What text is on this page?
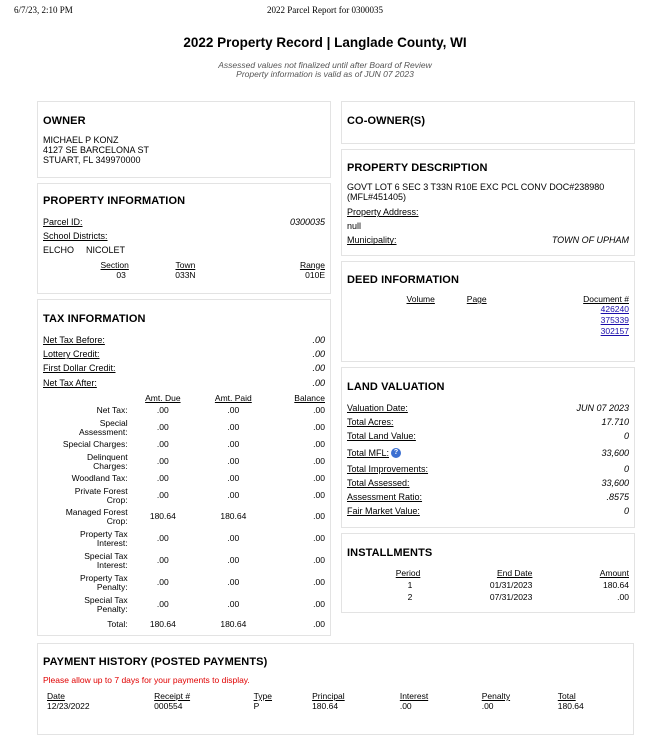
6/7/23, 2:10 PM	2022 Parcel Report for 0300035
2022 Property Record | Langlade County, WI
Assessed values not finalized until after Board of Review
Property information is valid as of JUN 07 2023
OWNER
MICHAEL P KONZ
4127 SE BARCELONA ST
STUART, FL 349970000
CO-OWNER(S)
PROPERTY INFORMATION
Parcel ID:	0300035
School Districts:
ELCHO NICOLET
Section	Town	Range
03	033N	010E
PROPERTY DESCRIPTION
GOVT LOT 6 SEC 3 T33N R10E EXC PCL CONV DOC#238980
(MFL#451405)
Property Address:
null
Municipality:	TOWN OF UPHAM
DEED INFORMATION
Volume	Page	Document #
		426240
		375339
		302157
TAX INFORMATION
Net Tax Before:	.00
Lottery Credit:	.00
First Dollar Credit:	.00
Net Tax After:	.00
	Amt. Due	Amt. Paid	Balance
Net Tax:	.00	.00	.00

Special
Assessment:	.00	.00	.00
Special Charges:	.00	.00	.00

Delinquent
Charges:	.00	.00	.00
Woodland Tax:	.00	.00	.00

Private Forest
Crop:	.00	.00	.00

Managed Forest
Crop:	180.64	180.64	.00

Property Tax
Interest:	.00	.00	.00

Special Tax
Interest:	.00	.00	.00

Property Tax
Penalty:	.00	.00	.00

Special Tax
Penalty:	.00	.00	.00
Total:	180.64	180.64	.00
LAND VALUATION
Valuation Date:	JUN 07 2023
Total Acres:	17.710
Total Land Value:	0
Total MFL: ?	33,600
Total Improvements:	0
Total Assessed:	33,600
Assessment Ratio:	.8575
Fair Market Value:	0
INSTALLMENTS
Period	End Date	Amount
1	01/31/2023	180.64
2	07/31/2023	.00
PAYMENT HISTORY (POSTED PAYMENTS)
Please allow up to 7 days for your payments to display.
Date	Receipt #	Type	Principal	Interest	Penalty	Total
12/23/2022	000554	P	180.64	.00	.00	180.64
